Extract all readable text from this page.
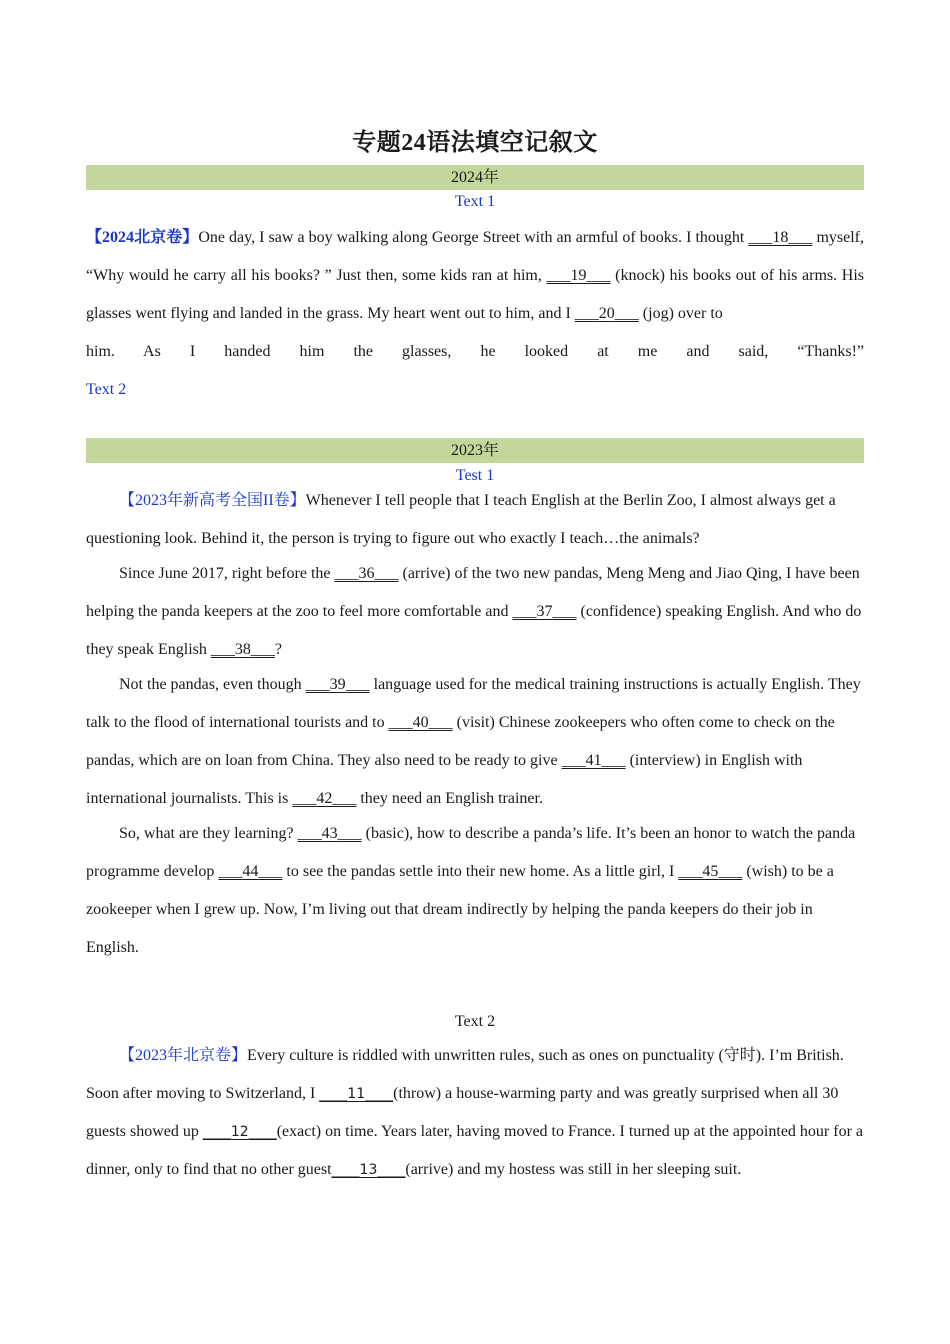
专题24语法填空记叙文
2024年
Text 1

【2024北京卷】One day, I saw a boy walking along George Street with an armful of books. I thought ___18___ myself, “Why would he carry all his books? ” Just then, some kids ran at him, ___19___ (knock) his books out of his arms. His glasses went flying and landed in the grass. My heart went out to him, and I ___20___ (jog) over to

him. As I handed him the glasses, he looked at me and said, “Thanks!”

Text 2
2023年
Test 1

【2023年新高考全国II卷】Whenever I tell people that I teach English at the Berlin Zoo, I almost always get a questioning look. Behind it, the person is trying to figure out who exactly I teach…the animals?

Since June 2017, right before the ___36___ (arrive) of the two new pandas, Meng Meng and Jiao Qing, I have been helping the panda keepers at the zoo to feel more comfortable and ___37___ (confidence) speaking English. And who do they speak English ___38___?

Not the pandas, even though ___39___ language used for the medical training instructions is actually English. They talk to the flood of international tourists and to ___40___ (visit) Chinese zookeepers who often come to check on the pandas, which are on loan from China. They also need to be ready to give ___41___ (interview) in English with international journalists. This is ___42___ they need an English trainer.

So, what are they learning? ___43___ (basic), how to describe a panda’s life. It’s been an honor to watch the panda programme develop ___44___ to see the pandas settle into their new home. As a little girl, I ___45___ (wish) to be a zookeeper when I grew up. Now, I’m living out that dream indirectly by helping the panda keepers do their job in English.

Text 2

【2023年北京卷】Every culture is riddled with unwritten rules, such as ones on punctuality (守时). I’m British. Soon after moving to Switzerland, I ____11____(throw) a house-warming party and was greatly surprised when all 30 guests showed up ____12____(exact) on time. Years later, having moved to France. I turned up at the appointed hour for a dinner, only to find that no other guest____13____(arrive) and my hostess was still in her sleeping suit.
